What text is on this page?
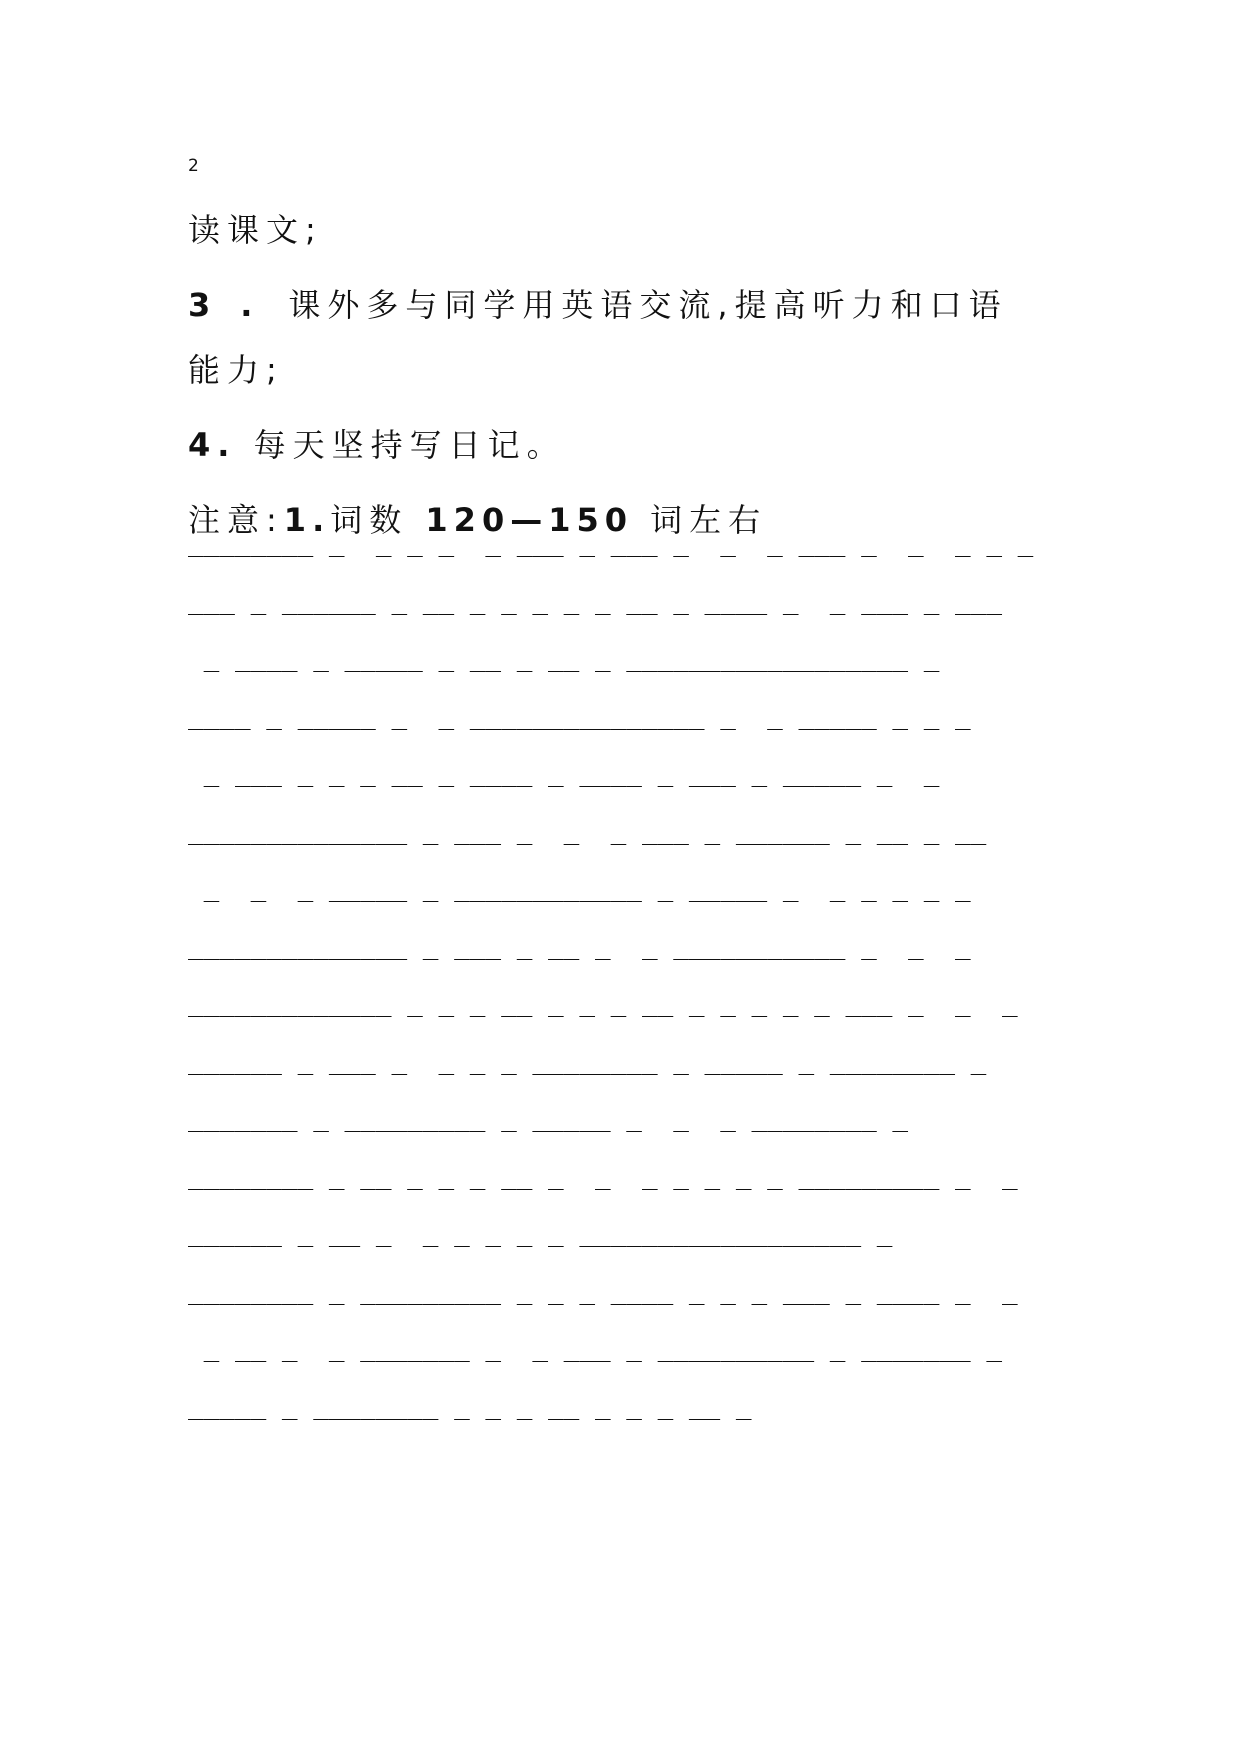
2
读课文;
3 . 课外多与同学用英语交流,提高听力和口语
能力;
4. 每天坚持写日记。
注意:1.词数 120—150 词左右
________ _  _ _ _  _ ___ _ ___ _  _  _ ___ _  _  _ _ _
___ _ ______ _ __ _ _ _ _ _ __ _ ____ _  _ ___ _ ___
_ ____ _ _____ _ __ _ __ _ __________________ _
____ _ _____ _  _ _______________ _  _ _____ _ _ _
_ ___ _ _ _ __ _ ____ _ ____ _ ___ _ _____ _  _
______________ _ ___ _  _  _ ___ _ ______ _ __ _ __
_  _  _ _____ _ ____________ _ _____ _  _ _ _ _ _
______________ _ ___ _ __ _  _ ___________ _  _  _
_____________ _ _ _ __ _ _ _ __ _ _ _ _ _ ___ _  _  _
______ _ ___ _  _ _ _ ________ _ _____ _ ________ _
_______ _ _________ _ _____ _  _  _ ________ _
________ _ __ _ _ _ __ _  _  _ _ _ _ _ _________ _  _
______ _ __ _  _ _ _ _ _ __________________ _
________ _ _________ _ _ _ ____ _ _ _ ___ _ ____ _  _
_ __ _  _ _______ _  _ ___ _ __________ _ _______ _
_____ _ ________ _ _ _ __ _ _ _ __ _
